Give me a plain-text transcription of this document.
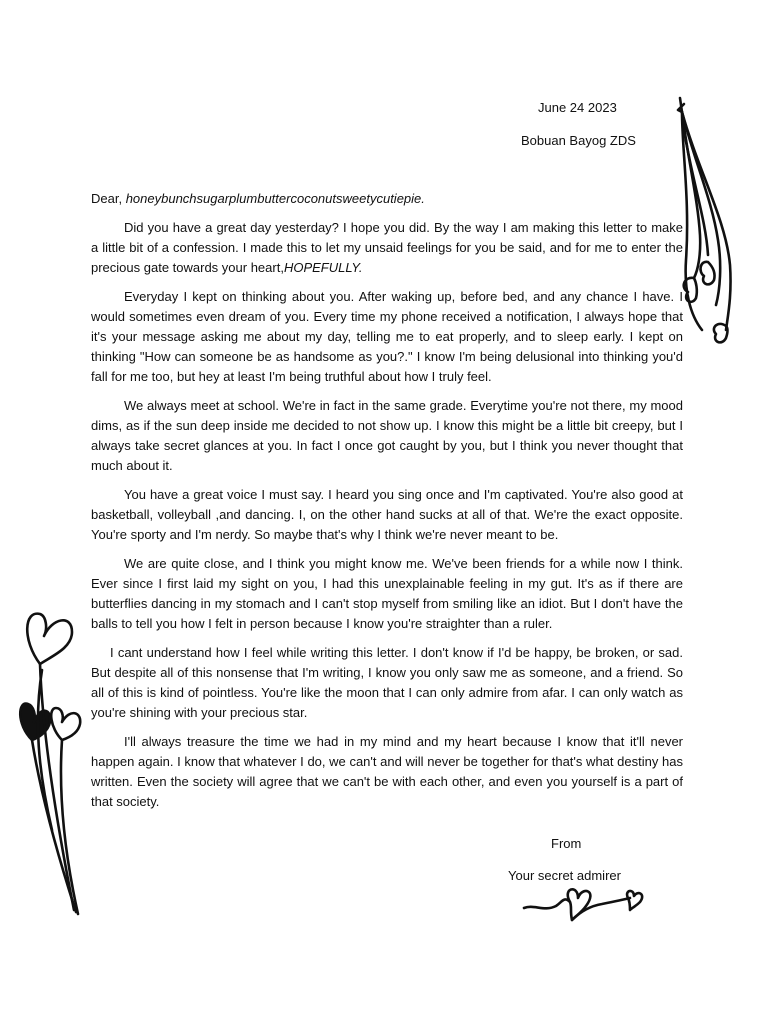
June 24 2023
Bobuan Bayog ZDS

Dear, honeybunchsugarplumbuttercoconutsweetycutiepie.

Did you have a great day yesterday? I hope you did. By the way I am making this letter to make a little bit of a confession. I made this to let my unsaid feelings for you be said, and for me to enter the precious gate towards your heart,HOPEFULLY.

Everyday I kept on thinking about you. After waking up, before bed, and any chance I have. I would sometimes even dream of you. Every time my phone received a notification, I always hope that it's your message asking me about my day, telling me to eat properly, and to sleep early. I kept on thinking "How can someone be as handsome as you?." I know I'm being delusional into thinking you'd fall for me too, but hey at least I'm being truthful about how I truly feel.

We always meet at school. We're in fact in the same grade. Everytime you're not there, my mood dims, as if the sun deep inside me decided to not show up. I know this might be a little bit creepy, but I always take secret glances at you. In fact I once got caught by you, but I think you never thought that much about it.

You have a great voice I must say. I heard you sing once and I'm captivated. You're also good at basketball, volleyball ,and dancing. I, on the other hand sucks at all of that. We're the exact opposite. You're sporty and I'm nerdy. So maybe that's why I think we're never meant to be.

We are quite close, and I think you might know me. We've been friends for a while now I think. Ever since I first laid my sight on you, I had this unexplainable feeling in my gut. It's as if there are butterflies dancing in my stomach and I can't stop myself from smiling like an idiot. But I don't have the balls to tell you how I felt in person because I know you're straighter than a ruler.

I cant understand how I feel while writing this letter. I don't know if I'd be happy, be broken, or sad. But despite all of this nonsense that I'm writing, I know you only saw me as someone, and a friend. So all of this is kind of pointless. You're like the moon that I can only admire from afar. I can only watch as you're shining with your precious star.

I'll always treasure the time we had in my mind and my heart because I know that it'll never happen again. I know that whatever I do, we can't and will never be together for that's what destiny has written. Even the society will agree that we can't be with each other, and even you yourself is a part of that society.

From
Your secret admirer
